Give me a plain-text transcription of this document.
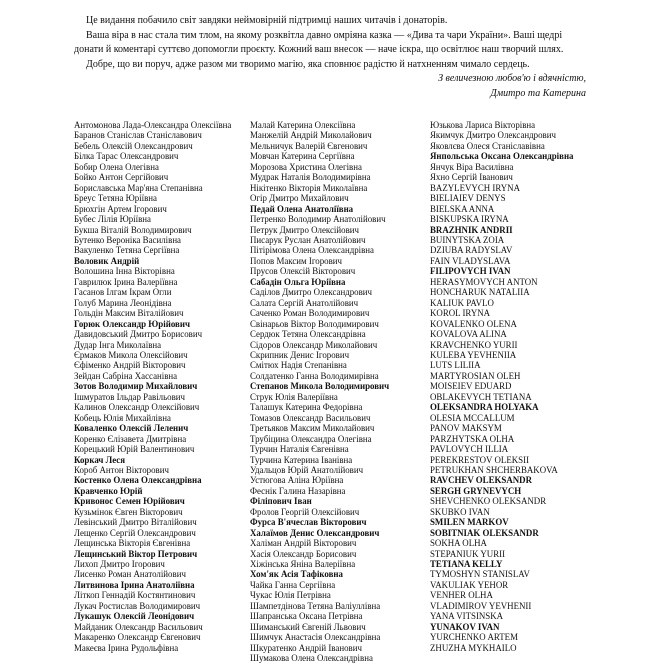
Це видання побачило світ завдяки неймовірній підтримці наших читачів і донаторів.

Ваша віра в нас стала тим тлом, на якому розквітла давно омріяна казка — «Дива та чари України». Ваші щедрі донати й коментарі суттєво допомогли проєкту. Кожний ваш внесок — наче іскра, що освітлює наш творчий шлях.

Добре, що ви поруч, адже разом ми творимо магію, яка сповнює радістю й натхненням чимало сердець.

З величезною любов'ю і вдячністю,
Дмитро та Катерина
Антомонова Лада-Олександра Олексіївна
Баранов Станіслав Станіславович
Бебель Олексій Олександрович
Білка Тарас Олександрович
Бобир Олена Олегівна
Бойко Антон Сергійович
Бориславська Мар'яна Степанівна
Бреус Тетяна Юріївна
Брюхгін Артем Ігорович
Бубес Лілія Юріївна
Букша Віталій Володимирович
Бутенко Вероніка Василівна
Вакуленко Тетяна Сергіївна
Воловик Андрій
Волошина Інна Вікторівна
Гаврилюк Ірина Валеріївна
Гасанов Ілгам Ікрам Огли
Голуб Марина Леонідівна
Гольдін Максим Віталійович
Горюк Олександр Юрійович
Давидовський Дмитро Борисович
Дудар Інга Миколаївна
Єрмаков Микола Олексійович
Єфіменко Андрій Вікторович
Зейдан Сабріна Хассанівна
Зотов Володимир Михайлович
Ішмуратов Ільдар Равільович
Калинов Олександр Олексійович
Кобець Юлія Михайлівна
Коваленко Олексій Леленич
Коренко Єлізавета Дмитрівна
Корецький Юрій Валентинович
Коркач Леся
Короб Антон Вікторович
Костенко Олена Олександрівна
Кравченко Юрій
Кривонос Семен Юрійович
Кузьмінок Євген Вікторович
Левінський Дмитро Віталійович
Лещенко Сергій Олександрович
Лещинська Вікторія Євгенівна
Лещинський Віктор Петрович
Лихоп Дмитро Ігорович
Лисенко Роман Анатолійович
Литвинова Ірина Анатоліївна
Літкоп Геннадій Костянтинович
Лукач Ростислав Володимирович
Лукашук Олексій Леонідович
Майданик Олександр Васильович
Макаренко Олександр Євгенович
Макеєва Ірина Рудольфівна
Малай Катерина Олексіївна
Манжелій Андрій Миколайович
Мельничук Валерій Євгенович
Мовчан Катерина Сергіївна
Морозова Христина Олегівна
Мудрак Наталія Володимирівна
Нікітенко Вікторія Миколаївна
Огір Дмитро Михайлович
Педай Олена Анатоліївна
Петренко Володимир Анатолійович
Петрук Дмитро Олексійович
Писарук Руслан Анатолійович
Пітірімова Олена Олександрівна
Попов Максим Ігорович
Прусов Олексій Вікторович
Сабадін Ольга Юріївна
Саділов Дмитро Олександрович
Салата Сергій Анатолійович
Саченко Роман Володимирович
Свінарьов Віктор Володимирович
Сердюк Тетяна Олександрівна
Сідоров Олександр Миколайович
Скрипник Денис Ігорович
Смітюх Надія Степанівна
Солдатенко Ганна Володимирівна
Степанов Микола Володимирович
Струк Юлія Валеріївна
Талашук Катерина Федорівна
Томазов Олександр Васильович
Третьяков Максим Миколайович
Трубіцина Олександра Олегівна
Турчин Наталія Євгенівна
Турчина Катерина Іванівна
Удальцов Юрій Анатолійович
Устюгова Аліна Юріївна
Феснік Галина Назарівна
Філіпович Іван
Фролов Георгій Олексійович
Фурса В'ячеслав Вікторович
Халаїмов Денис Олександрович
Халіман Андрій Вікторович
Хасія Олександр Борисович
Хіжінська Яніна Валеріївна
Хом'як Асія Тафіковна
Чайка Ганна Сергіївна
Чукас Юлія Петрівна
Шампетдінова Тетяна Валіуллівна
Шапранська Оксана Петрівна
Шиманський Євгеній Львович
Шимчук Анастасія Олександрівна
Шкуратенко Андрій Іванович
Шумакова Олена Олександрівна
Юзькова Лариса Вікторівна
Якимчук Дмитро Олександрович
Яковлєва Олеся Станіславівна
Янпольська Оксана Олександрівна
Янчук Віра Василівна
Яхно Сергій Іванович
BAZYLEVYCH IRYNA
BIELIAIEV DENYS
BIELSKA ANNA
BISKUPSKA IRYNA
BRAZHNIK ANDRII
BUINYTSKA ZOIA
DZIUBA RADYSLAV
FAIN VLADYSLAVA
FILIPOVYCH IVAN
HERASYMOVYCH ANTON
HONCHARUK NATALIIA
KALIUK PAVLO
KOROL IRYNA
KOVALENKO OLENA
KOVALOVA ALINA
KRAVCHENKO YURII
KULEBA YEVHENIIA
LUTS LILIIA
MARTYROSIAN OLEH
MOISEIEV EDUARD
OBLAKEVYCH TETIANA
OLEKSANDRA HOLYAKA
OLESIA MCCALLUM
PANOV MAKSYM
PARZHYTSKA OLHA
PAVLOVYCH ILLIA
PEREKRESTOV OLEKSII
PETRUKHAN SHCHERBAKOVA
RAVCHEV OLEKSANDR
SERGH GRYNEVYCH
SHEVCHENKO OLEKSANDR
SKUBKO IVAN
SMILEN MARKOV
SOBITNIAK OLEKSANDR
SOKHA OLHA
STEPANIUK YURII
TETIANA KELLY
TYMOSHYN STANISLAV
VAKULIAK YEHOR
VENHER OLHA
VLADIMIROV YEVHENII
YANA VITSINSKA
YUNAKOV IVAN
YURCHENKO ARTEM
ZHUZHA MYKHAILO
